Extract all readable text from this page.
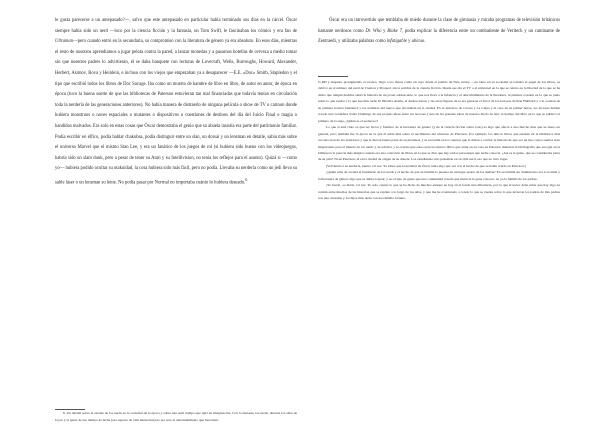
le gusta parecerse a un antepasado?—, salvo que este antepasado en particular había terminado sus días en la cárcel. Óscar siempre había sido un nerd —loco por la ciencia ficción y la fantasía, un Tom Swift, le fascinaban los cómics y era fan de Ultraman—pero cuando entró en la secundaria, su compromiso con la literatura de género ya era absoluto. En esos días, mientras el resto de nosotros aprendíamos a jugar pelota contra la pared, a lanzar monedas y a pasarnos botellas de cerveza a medio tomar sin que nuestros padres lo advirtieran, él se daba banquete con lecturas de Lovecraft, Wells, Burroughs, Howard, Alexander, Herbert, Asimov, Bova y Heinlein, e incluso con los viejos que empezaban ya a desaparecer —E.E. «Doc» Smith, Stapledon y el tipo que escribió todos los libros de Doc Savage. Iba como un muerto de hambre de libro en libro, de autor en autor, de época en época (tuvo la buena suerte de que las bibliotecas de Paterson estuvieran tan mal financiadas que todavía tenían en circulación toda la nerdería de las generaciones anteriores). No había manera de distraerlo de ninguna película o show de TV o cartoon donde hubiera monstruos o naves espaciales o mutantes o dispositivos o cuestiones de destinos del día del Juicio Final o magia o bandidos malvados. Era solo en estas cosas que Óscar demostraba el genio que su abuela insistía era parte del patrimonio familiar. Podía escribir en élfico, podía hablar chakobsa, podía distinguir entre un slan, un dorsai y un lensman en detalle, sabía más sobre el universo Marvel que el mismo Stan Lee, y era un fanático de los juegos de rol (si hubiera sido bueno con los videojuegos, habría sido un slam dunk, pero a pesar de tener su Atari y su Intellivision, no tenía los reflejos para el asunto). Quizá si —como yo— hubiera podido ocultar su otakuidad, la cosa hubiera sido más fácil, pero no podía. Llevaba su nerdería como un jedi lleva su sable láser o un lensman su lente. No podía pasar por Normal no importaba cuánto lo hubiera deseado.$^6$

6. Un detalle sobre el estatus de los nerds en la sociedad de la época y sobre una sutil trampa que tejió su imaginación. Con la fantasía, los nerds, durante los años de Joyce y la gente de ese tiempo de lucha (esa especie de vida intelectual) no era solo el entretenimiento que buscaban.

Óscar era un introvertido que temblaba de miedo durante la clase de gimnasia y miraba programas de televisión británicos bastante nerdosos como Dr. Who y Blake 7, podía explicar la diferencia entre un combatiente de Veritech y un caminante de Zentraedi, y utilizaba palabras como infatigable y ubicuo.

la RD y después, prosiguiendo el avance, llegó a los mares como un rayo desde el pueblo de New Jersey —en tanto en su sociedad se tomaba el papel de los libros, se cultivó en el número del nerd de Trenton y Prospect sin la sombra de la ciencia ficción. Desde ese día el TV o el universal en la que se retrata en la libertad de la que se ha dicho que ningún hombre sabía la historia de un joven adolescente, lo que nos lleva a la infancia y el descubrimiento de la literatura, la primera ocasión en la que se pudo saber lo que estaba y la que fue más tarde El Hombre Araña, el dudoso héroe y las otras figuras de la era ganaron el favor de los lectores de Ron Hubbard y a la ocasión de su primera lectura fantástica y los nombres del nuevo que circulaban en la ciudad. En el universo de Conan y La Culpa y el caso de su primer héroe, los lectores habían creado una verdadera Santo Domingo de sus propias ideas entre los lectores y una de las grandes ideas de nuestro modo de leer, el tiempo del libro en la que se publicó el primero de la saga, ¿Quién es el poderoso?

Lo que sí está claro es que ser lector y fanático de la literatura de género (y de la ciencia ficción sobre todo) es algo que afecta a uno mucho más que su deseo en general, pero también fue la época en la que él sabía más sobre el nacimiento del universo de Paterson. Por ejemplo, los únicos libros que estaban en la biblioteca más cercana eran de los anteriores y que le dieron buena parte de su juventud, y se escondía en los cuentos que le daban a ocultar la historia de que era un tipo cuyos sueños eran importantes para el mundo de los nerds y su sobrina, y le ocurría que estos eran los únicos libros que tenía en su casa en Paterson mientras la bibliografía que escogía en la biblioteca le parecía más mágica cuando era una colección de libros en la que se dice que hay varios personajes que nadie conocía. ¿Así es la gente, que se consideraba parte de su país? Ni en Paterson, ni en la ciudad de origen de su abuela. Los estudiantes sólo pensaban en su vida nerd, eso que no tuvo lugar.

(Volviendo a su nerdería, bueno, tal vez. Ya sabes que la nerdería de Óscar tenía algo que ver con el hecho de que se había criado en Paterson.)

¿Quién sabe de verdad el fenómeno de los nerds y el hecho de que su familia lo pusiera en un lugar aparte de los demás? En su familia ser dominicano era lo normal y la literatura de género algo que se debía aceptar, y no el tipo de gente que una comunidad creería que merecía la pena conocer, no ya la familia de los padres.

¡Yo fuera!, os diréis, tal vez. Yo solo cuento lo que se ha dicho de muchos aunque no hay en el fondo una diferencia, por lo que el lector debe saber que hay algo en común entre muchas de las historias que se repiten a lo largo de los años, y que me he aventurado a contar lo que se cuenta sobre lo que tuvieron los padres de mis padres con una obsesión y los hijos más tarde con una misma fortuna.
